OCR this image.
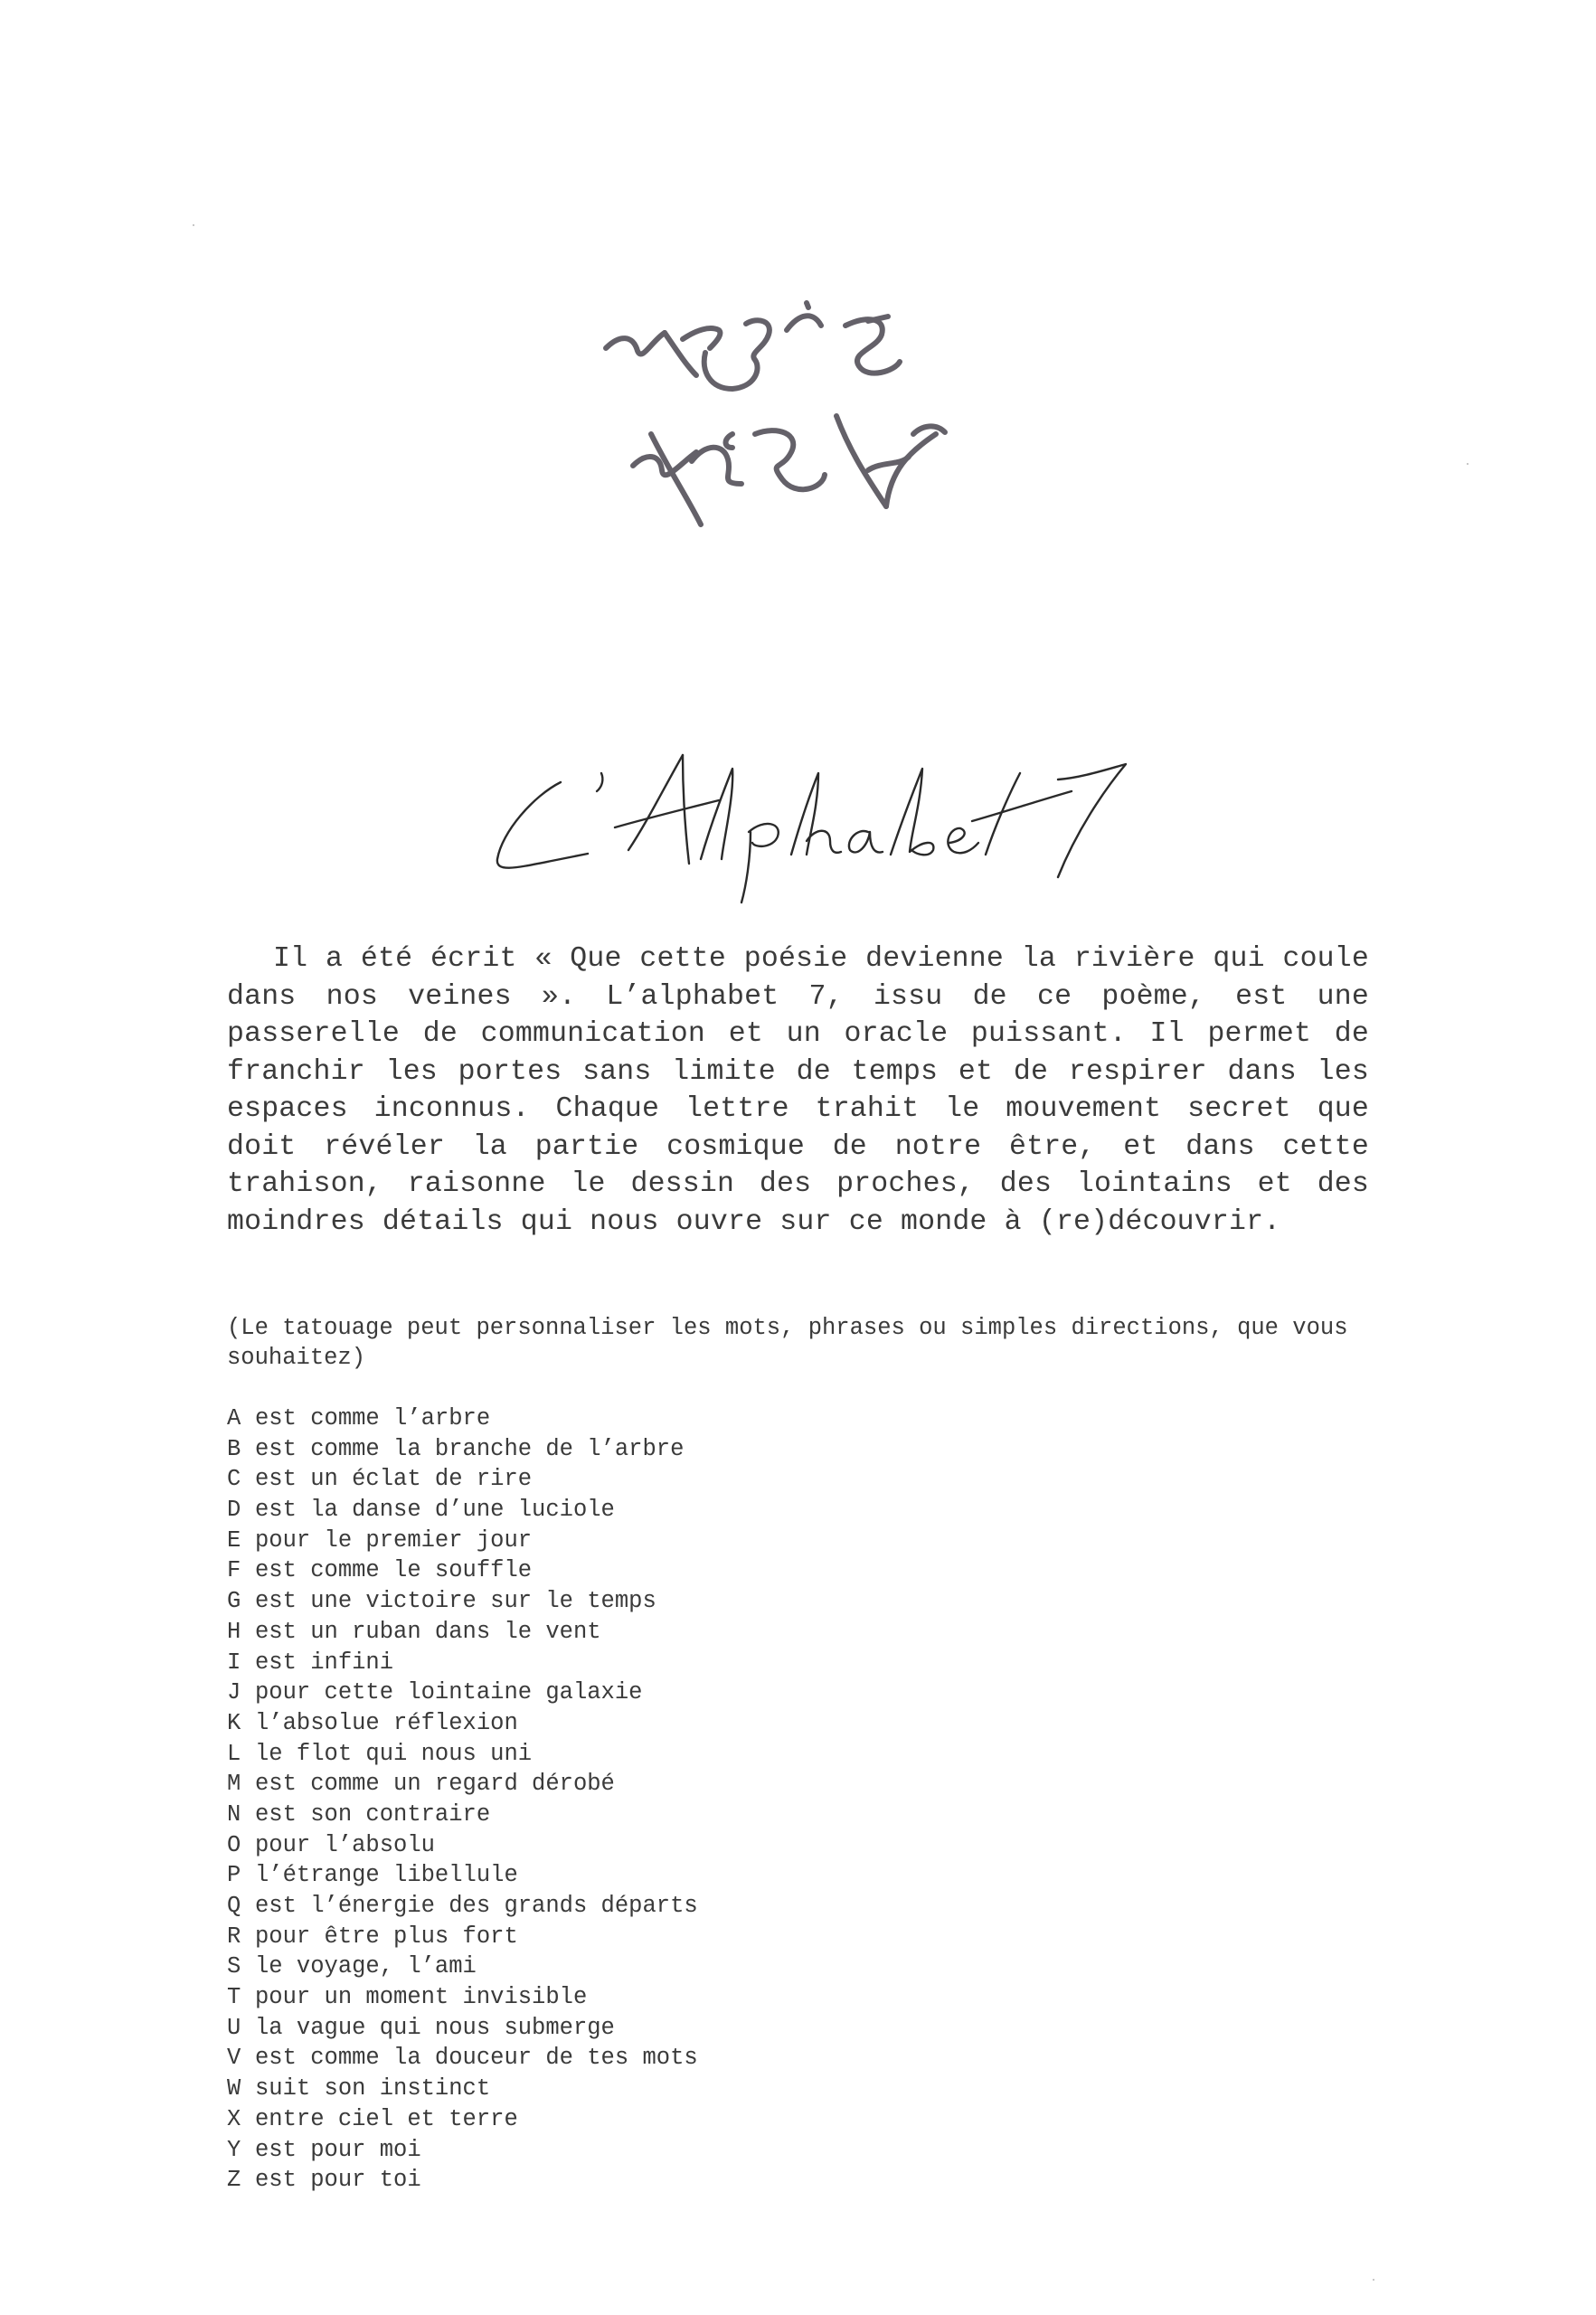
Il a été écrit « Que cette poésie devienne la rivière qui coule dans nos veines ». L’alphabet 7, issu de ce poème, est une passerelle de communication et un oracle puissant. Il permet de franchir les portes sans limite de temps et de respirer dans les espaces inconnus. Chaque lettre trahit le mouvement secret que doit révéler la partie cosmique de notre être, et dans cette trahison, raisonne le dessin des proches, des lointains et des moindres détails qui nous ouvre sur ce monde à (re)découvrir.

(Le tatouage peut personnaliser les mots, phrases ou simples directions, que vous souhaitez)

A est comme l’arbre
B est comme la branche de l’arbre
C est un éclat de rire
D est la danse d’une luciole
E pour le premier jour
F est comme le souffle
G est une victoire sur le temps
H est un ruban dans le vent
I est infini
J pour cette lointaine galaxie
K l’absolue réflexion
L le flot qui nous uni
M est comme un regard dérobé
N est son contraire
O pour l’absolu
P l’étrange libellule
Q est l’énergie des grands départs
R pour être plus fort
S le voyage, l’ami
T pour un moment invisible
U la vague qui nous submerge
V est comme la douceur de tes mots
W suit son instinct
X entre ciel et terre
Y est pour moi
Z est pour toi
